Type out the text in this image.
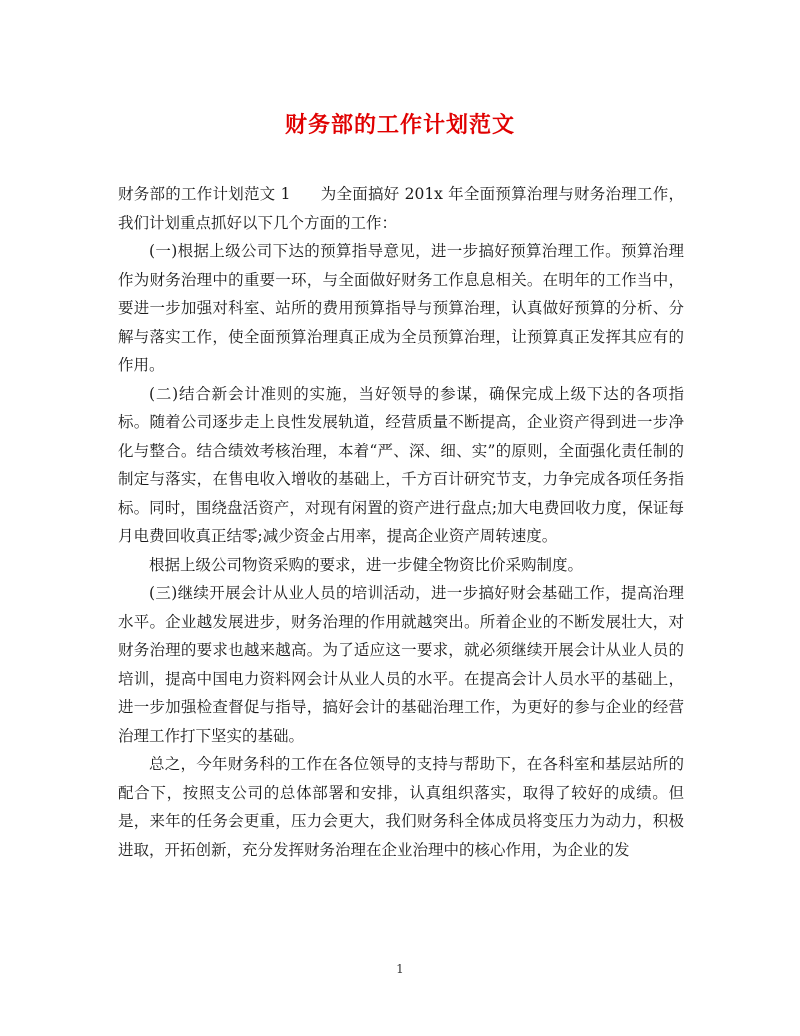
财务部的工作计划范文

财务部的工作计划范文 1 为全面搞好 201x 年全面预算治理与财务治理工作，我们计划重点抓好以下几个方面的工作：

(一)根据上级公司下达的预算指导意见，进一步搞好预算治理工作。预算治理作为财务治理中的重要一环，与全面做好财务工作息息相关。在明年的工作当中，要进一步加强对科室、站所的费用预算指导与预算治理，认真做好预算的分析、分解与落实工作，使全面预算治理真正成为全员预算治理，让预算真正发挥其应有的作用。

(二)结合新会计准则的实施，当好领导的参谋，确保完成上级下达的各项指标。随着公司逐步走上良性发展轨道，经营质量不断提高，企业资产得到进一步净化与整合。结合绩效考核治理，本着“严、深、细、实”的原则，全面强化责任制的制定与落实，在售电收入增收的基础上，千方百计研究节支，力争完成各项任务指标。同时，围绕盘活资产，对现有闲置的资产进行盘点;加大电费回收力度，保证每月电费回收真正结零;减少资金占用率，提高企业资产周转速度。

根据上级公司物资采购的要求，进一步健全物资比价采购制度。

(三)继续开展会计从业人员的培训活动，进一步搞好财会基础工作，提高治理水平。企业越发展进步，财务治理的作用就越突出。所着企业的不断发展壮大，对财务治理的要求也越来越高。为了适应这一要求，就必须继续开展会计从业人员的培训，提高中国电力资料网会计从业人员的水平。在提高会计人员水平的基础上，进一步加强检查督促与指导，搞好会计的基础治理工作，为更好的参与企业的经营治理工作打下坚实的基础。

总之，今年财务科的工作在各位领导的支持与帮助下，在各科室和基层站所的配合下，按照支公司的总体部署和安排，认真组织落实，取得了较好的成绩。但是，来年的任务会更重，压力会更大，我们财务科全体成员将变压力为动力，积极进取，开拓创新，充分发挥财务治理在企业治理中的核心作用，为企业的发

1
